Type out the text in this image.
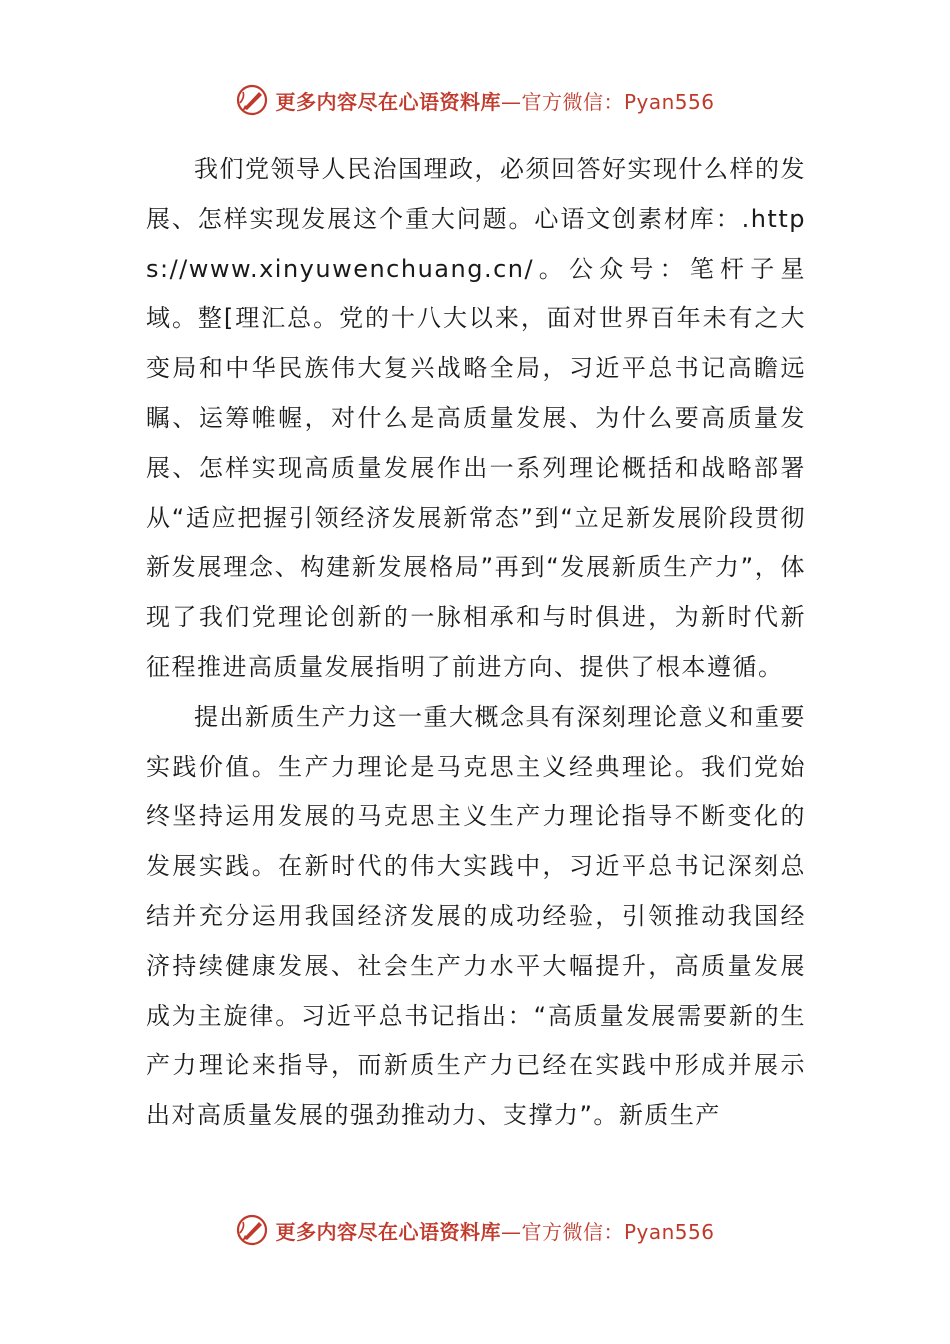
更多内容尽在心语资料库 —官方微信：Pyan556

我们党领导人民治国理政，必须回答好实现什么样的发展、怎样实现发展这个重大问题。心语文创素材库：.https://www.xinyuwenchuang.cn/。公众号：笔杆子星域。整[理汇总。党的十八大以来，面对世界百年未有之大变局和中华民族伟大复兴战略全局，习近平总书记高瞻远瞩、运筹帷幄，对什么是高质量发展、为什么要高质量发展、怎样实现高质量发展作出一系列理论概括和战略部署从“适应把握引领经济发展新常态”到“立足新发展阶段贯彻新发展理念、构建新发展格局”再到“发展新质生产力”，体现了我们党理论创新的一脉相承和与时俱进，为新时代新征程推进高质量发展指明了前进方向、提供了根本遵循。

提出新质生产力这一重大概念具有深刻理论意义和重要实践价值。生产力理论是马克思主义经典理论。我们党始终坚持运用发展的马克思主义生产力理论指导不断变化的发展实践。在新时代的伟大实践中，习近平总书记深刻总结并充分运用我国经济发展的成功经验，引领推动我国经济持续健康发展、社会生产力水平大幅提升，高质量发展成为主旋律。习近平总书记指出：“高质量发展需要新的生产力理论来指导，而新质生产力已经在实践中形成并展示出对高质量发展的强劲推动力、支撑力”。新质生产

更多内容尽在心语资料库 —官方微信：Pyan556
